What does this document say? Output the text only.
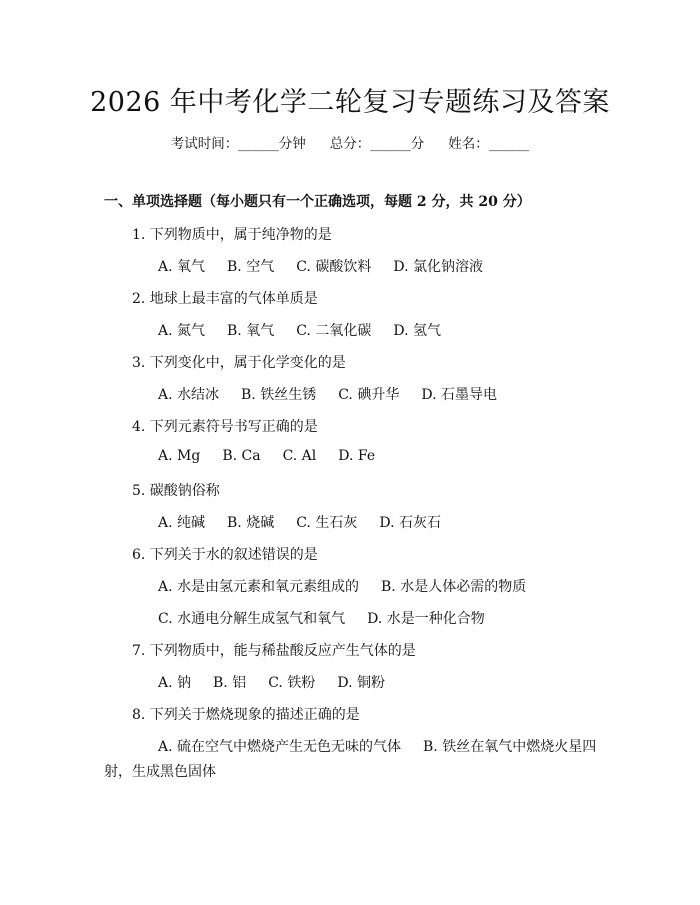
2026 年中考化学二轮复习专题练习及答案
考试时间：______分钟 总分：______分 姓名：______
一、单项选择题（每小题只有一个正确选项，每题 2 分，共 20 分）
1. 下列物质中，属于纯净物的是
A. 氧气 B. 空气 C. 碳酸饮料 D. 氯化钠溶液
2. 地球上最丰富的气体单质是
A. 氮气 B. 氧气 C. 二氧化碳 D. 氢气
3. 下列变化中，属于化学变化的是
A. 水结冰 B. 铁丝生锈 C. 碘升华 D. 石墨导电
4. 下列元素符号书写正确的是
A. Mg B. Ca C. Al D. Fe
5. 碳酸钠俗称
A. 纯碱 B. 烧碱 C. 生石灰 D. 石灰石
6. 下列关于水的叙述错误的是
A. 水是由氢元素和氧元素组成的 B. 水是人体必需的物质
C. 水通电分解生成氢气和氧气 D. 水是一种化合物
7. 下列物质中，能与稀盐酸反应产生气体的是
A. 钠 B. 铝 C. 铁粉 D. 铜粉
8. 下列关于燃烧现象的描述正确的是
A. 硫在空气中燃烧产生无色无味的气体 B. 铁丝在氧气中燃烧火星四
射，生成黑色固体
